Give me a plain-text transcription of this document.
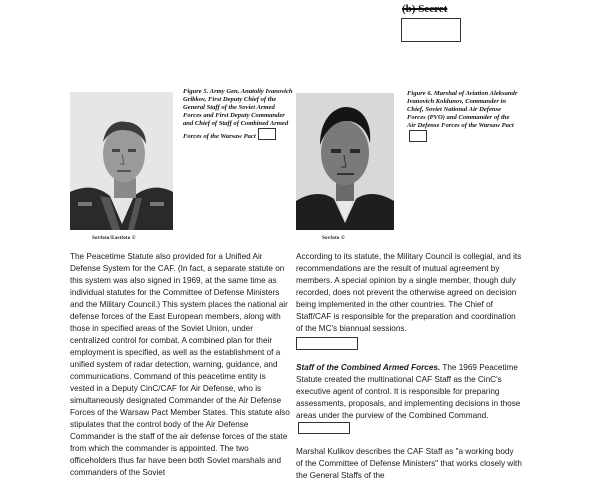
(b) Secret
Sovfoto/Eastfoto ©
Figure 5. Army Gen. Anatoliy Ivanovich Gribkov, First Deputy Chief of the General Staff of the Soviet Armed Forces and First Deputy Commander and Chief of Staff of Combined Armed Forces of the Warsaw Pact
Sovfoto ©
Figure 6. Marshal of Aviation Aleksandr Ivanovich Koldunov, Commander in Chief, Soviet National Air Defense Forces (PVO) and Commander of the Air Defense Forces of the Warsaw Pact

The Peacetime Statute also provided for a Unified Air Defense System for the CAF. (In fact, a separate statute on this system was also signed in 1969, at the same time as individual statutes for the Committee of Defense Ministers and the Military Council.) This system places the national air defense forces of the East European members, along with those in specified areas of the Soviet Union, under centralized control for combat. A combined plan for their employment is specified, as well as the establishment of a unified system of radar detection, warning, guidance, and communications. Command of this peacetime entity is vested in a Deputy CinC/CAF for Air Defense, who is simultaneously designated Commander of the Air Defense Forces of the Warsaw Pact Member States. This statute also stipulates that the control body of the Air Defense Commander is the staff of the air defense forces of the state from which the commander is appointed. The two officeholders thus far have been both Soviet marshals and commanders of the Soviet

According to its statute, the Military Council is collegial, and its recommendations are the result of mutual agreement by members. A special opinion by a single member, though duly recorded, does not prevent the otherwise agreed on decision being implemented in the other countries. The Chief of Staff/CAF is responsible for the preparation and coordination of the MC's biannual sessions.

Staff of the Combined Armed Forces. The 1969 Peacetime Statute created the multinational CAF Staff as the CinC's executive agent of control. It is responsible for preparing assessments, proposals, and implementing decisions in those areas under the purview of the Combined Command.

Marshal Kulikov describes the CAF Staff as "a working body of the Committee of Defense Ministers" that works closely with the General Staffs of the
